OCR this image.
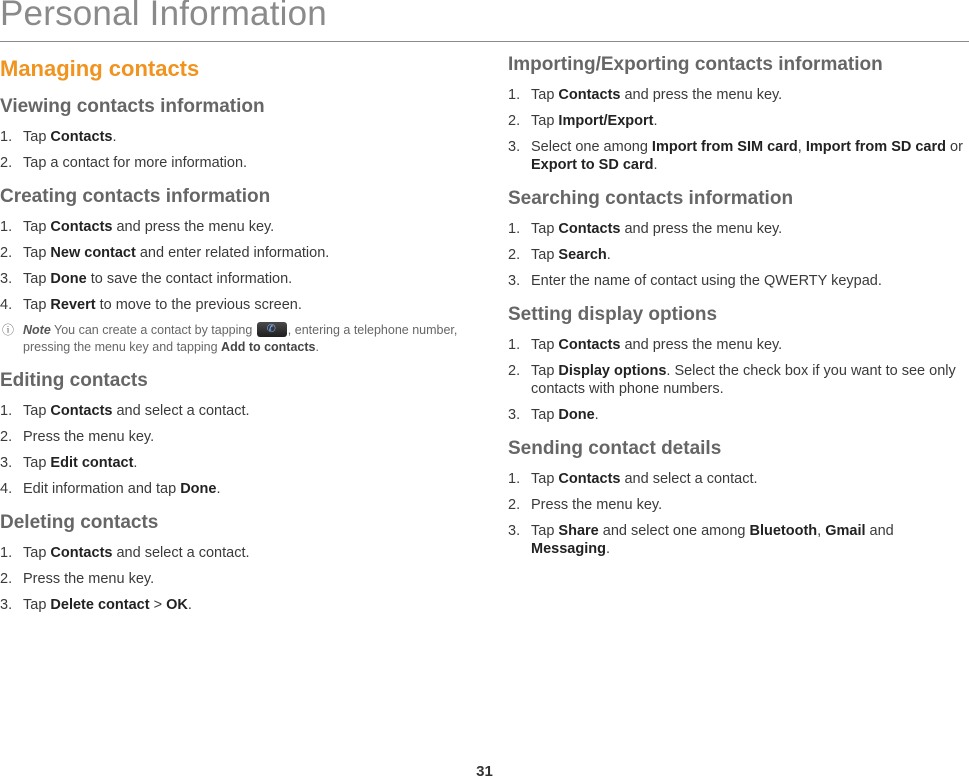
Personal Information
Managing contacts
Viewing contacts information
1. Tap Contacts.
2. Tap a contact for more information.
Creating contacts information
1. Tap Contacts and press the menu key.
2. Tap New contact and enter related information.
3. Tap Done to save the contact information.
4. Tap Revert to move to the previous screen.
ⓘ Note You can create a contact by tapping ✆ , entering a telephone number, pressing the menu key and tapping Add to contacts.
Editing contacts
1. Tap Contacts and select a contact.
2. Press the menu key.
3. Tap Edit contact.
4. Edit information and tap Done.
Deleting contacts
1. Tap Contacts and select a contact.
2. Press the menu key.
3. Tap Delete contact > OK.
Importing/Exporting contacts information
1. Tap Contacts and press the menu key.
2. Tap Import/Export.
3. Select one among Import from SIM card, Import from SD card or Export to SD card.
Searching contacts information
1. Tap Contacts and press the menu key.
2. Tap Search.
3. Enter the name of contact using the QWERTY keypad.
Setting display options
1. Tap Contacts and press the menu key.
2. Tap Display options. Select the check box if you want to see only contacts with phone numbers.
3. Tap Done.
Sending contact details
1. Tap Contacts and select a contact.
2. Press the menu key.
3. Tap Share and select one among Bluetooth, Gmail and Messaging.
31
